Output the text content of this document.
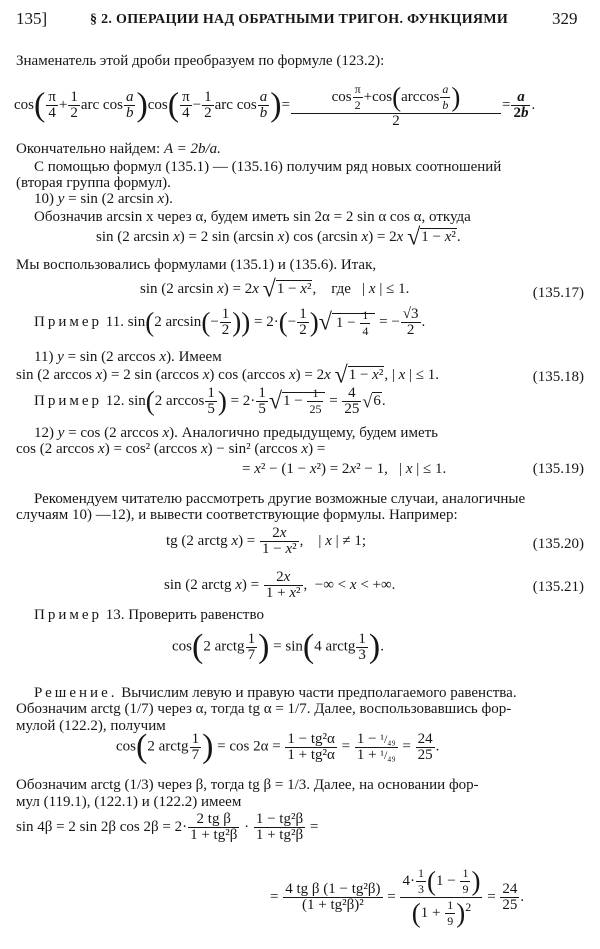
135]	§ 2. ОПЕРАЦИИ НАД ОБРАТНЫМИ ТРИГОН. ФУНКЦИЯМИ	329
Знаменатель этой дроби преобразуем по формуле (123.2):
$\cos( \frac{\pi}{4} + \frac{1}{2}$ arc $\cos \frac{a}{b} )\cos( \frac{\pi}{4} - \frac{1}{2}$ arc $\cos \frac{a}{b}$ )= $\frac{\cos \frac{\pi}{2} +\cos(\arccos \frac{a}{b} )}{2} = \frac{a}{2b}$ .
Окончательно найдем: A = 2b/a.
С помощью формул (135.1) — (135.16) получим ряд новых соотношений
(вторая группа формул).
10) y = sin (2 arcsin x).
Обозначив arcsin x через α, будем иметь sin 2α = 2 sin α cos α, откуда
sin (2 arcsin x) = 2 sin (arcsin x) cos (arcsin x) = 2x √1 − x².
Мы воспользовались формулами (135.1) и (135.6). Итак,
sin (2 arcsin x) = 2x √1 − x²,    где   | x | ≤ 1.	(135.17)
Пример 11. sin(2 $\arcsin(- \frac{1}{2}$ )) = $2\cdot(- \frac{1}{2}$ )√ $1 - \frac{1}{4}$ = − $\frac{√3}{2}$ .
11) y = sin (2 arccos x). Имеем
sin (2 arccos x) = 2 sin (arccos x) cos (arccos x) = 2x √1 − x², | x | ≤ 1.	(135.18)
Пример 12. sin(2 $\arccos \frac{1}{5}$ ) = $2\cdot \frac{1}{5} √1 - \frac{1}{25} = \frac{4}{25} √6$.
12) y = cos (2 arccos x). Аналогично предыдущему, будем иметь
cos (2 arccos x) = cos² (arccos x) − sin² (arccos x) =
= x² − (1 − x²) = 2x² − 1,   | x | ≤ 1.	(135.19)
Рекомендуем читателю рассмотреть другие возможные случаи, аналогичные
случаям 10) —12), и вывести соответствующие формулы. Например:
tg (2 arctg $x) = \frac{2x}{\text{1 − x²}}$ ,    | x | ≠ 1;	(135.20)
sin (2 arctg $x) = \frac{2x}{\text{1 + x²}}$ ,  −∞ < x < +∞.	(135.21)
Пример 13. Проверить равенство
cos(2 arctg $\frac{1}{7}$ ) = sin(4 arctg $\frac{1}{3}$ ).
Решение. Вычислим левую и правую части предполагаемого равенства.
Обозначим arctg (1/7) через α, тогда tg α = 1/7. Далее, воспользовавшись фор-
мулой (122.2), получим
cos(2 arctg $\frac{1}{7}$ ) = $\cos 2\alpha = \frac{\text{1 − tg²α}}{\text{1 + tg²α}} = \frac{\text{1 − ¹/₄₉}}{\text{1 + ¹/₄₉}} = \frac{24}{25}$ .
Обозначим arctg (1/3) через β, тогда tg β = 1/3. Далее, на основании фор-
мул (119.1), (122.1) и (122.2) имеем
sin 4β = 2 sin 2β $\cos 2\beta = 2\cdot \frac{\text{2 tg β}}{\text{1 + tg²β}} \cdot \frac{\text{1 − tg²β}}{\text{1 + tg²β}}$ =
= $\frac{\text{4 tg β (1 − tg²β)}}{\text{(1 + tg²β)²}} = \frac{4\cdot \frac{1}{3} (1 - \frac{1}{9} )}{(1 + \frac{1}{9} )^2} = \frac{24}{25}$ .
